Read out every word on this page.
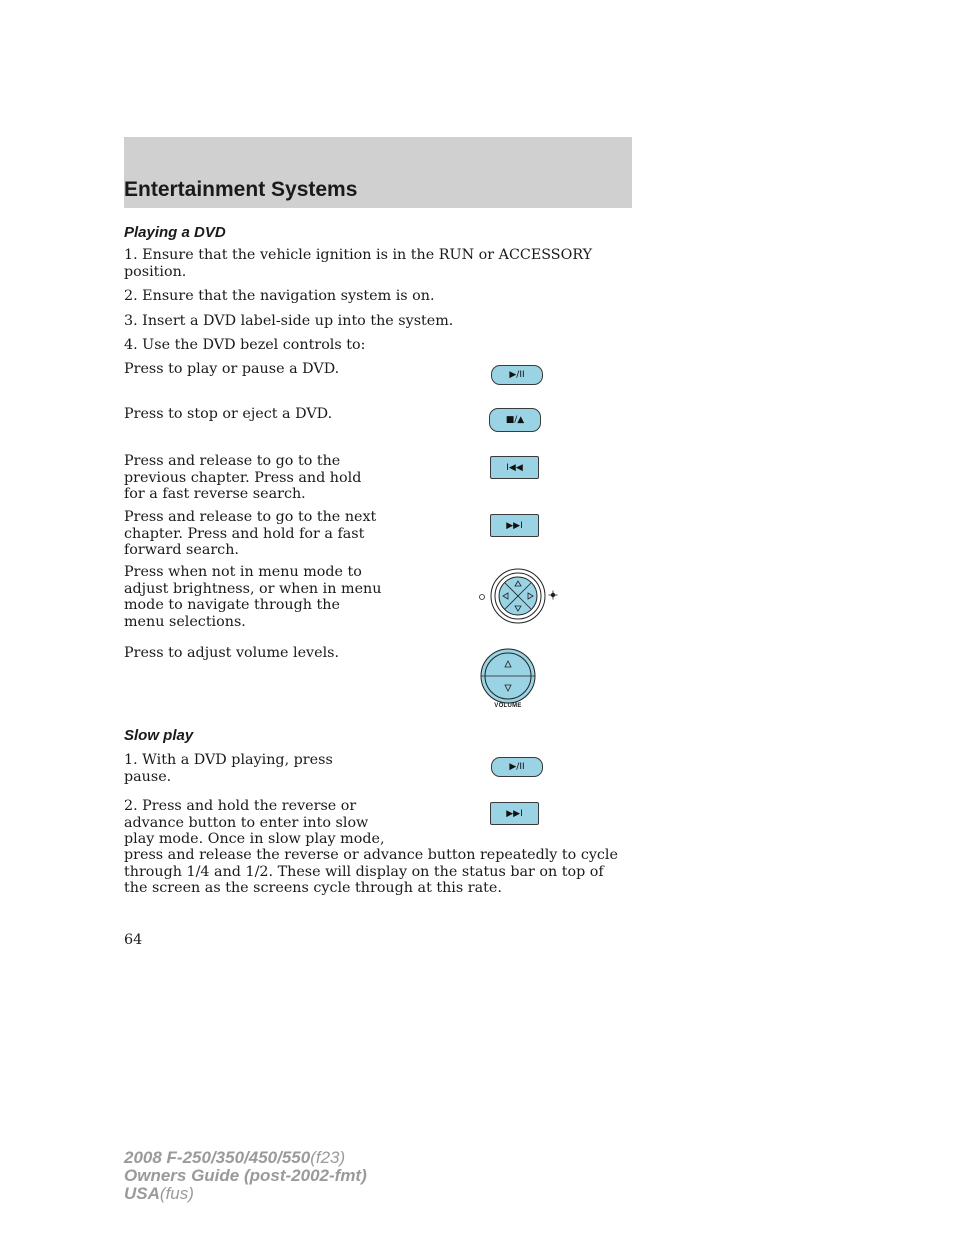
Entertainment Systems
Playing a DVD
1. Ensure that the vehicle ignition is in the RUN or ACCESSORY position.
2. Ensure that the navigation system is on.
3. Insert a DVD label-side up into the system.
4. Use the DVD bezel controls to:
Press to play or pause a DVD.	▶/II
Press to stop or eject a DVD.	■/▲
Press and release to go to the previous chapter. Press and hold for a fast reverse search.
I◀◀
Press and release to go to the next chapter. Press and hold for a fast forward search.
▶▶I
Press when not in menu mode to adjust brightness, or when in menu mode to navigate through the menu selections.
Press to adjust volume levels.
VOLUME
Slow play
1. With a DVD playing, press pause.
▶/II
2. Press and hold the reverse or
advance button to enter into slow
play mode. Once in slow play mode,
▶▶I
press and release the reverse or advance button repeatedly to cycle through 1/4 and 1/2. These will display on the status bar on top of the screen as the screens cycle through at this rate.
64
2008 F-250/350/450/550(f23)
Owners Guide (post-2002-fmt)
USA(fus)
